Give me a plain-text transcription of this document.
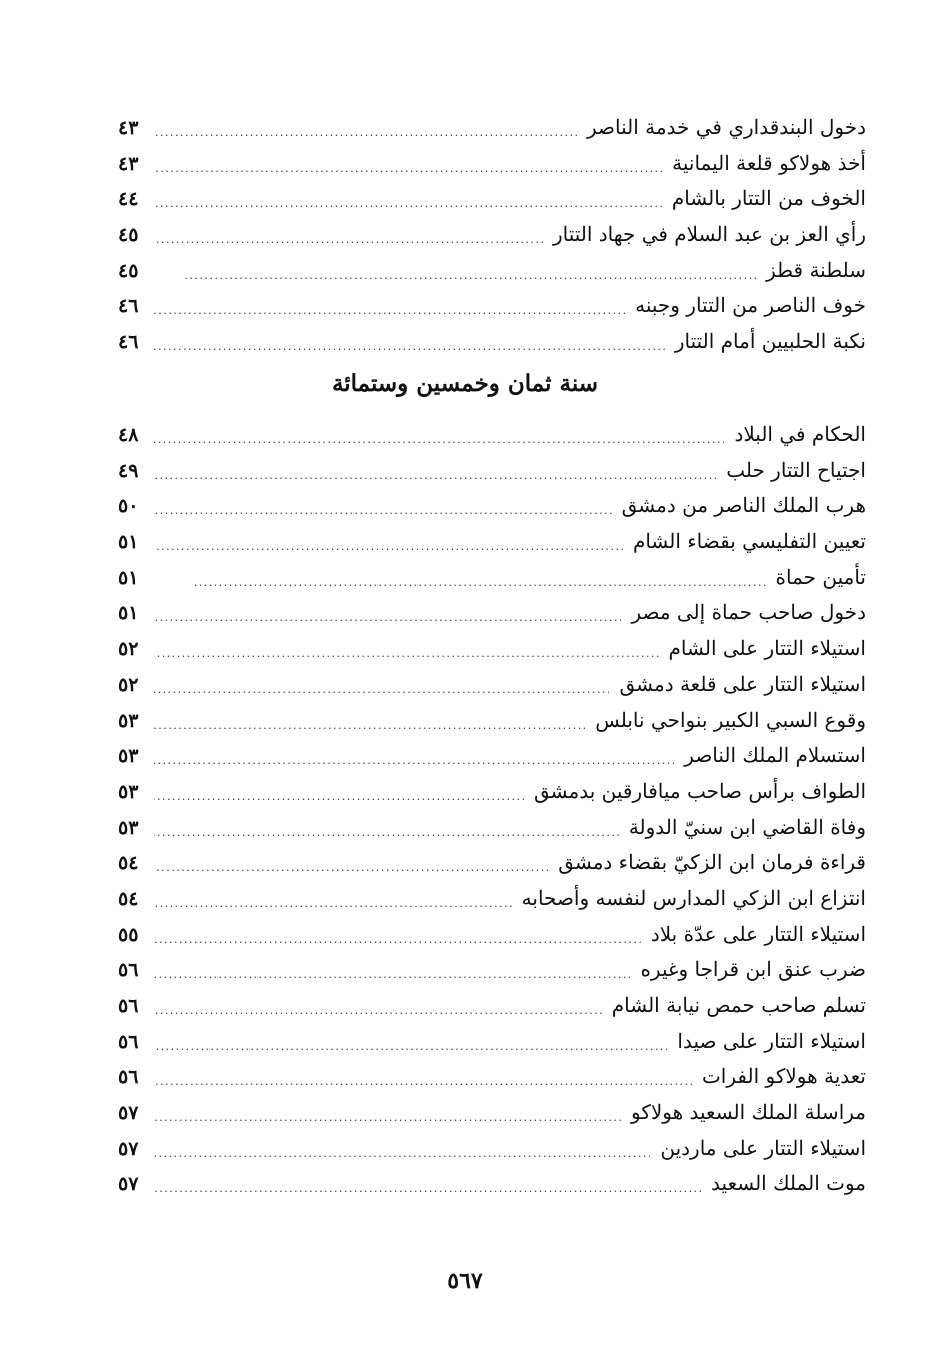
دخول البندقداري في خدمة الناصر
. . .
٤٣
أخذ هولاكو قلعة اليمانية
. . .
٤٣
الخوف من التتار بالشام
. . .
٤٤
رأي العز بن عبد السلام في جهاد التتار
. . .
٤٥
سلطنة قطز
. . .
٤٥
خوف الناصر من التتار وجبنه
. . .
٤٦
نكبة الحلبيين أمام التتار
. . .
٤٦
سنة ثمان وخمسين وستمائة
الحكام في البلاد
. . .
٤٨
اجتياح التتار حلب
. . .
٤٩
هرب الملك الناصر من دمشق
. . .
٥٠
تعيين التفليسي بقضاء الشام
. . .
٥١
تأمين حماة
. . .
٥١
دخول صاحب حماة إلى مصر
. . .
٥١
استيلاء التتار على الشام
. . .
٥٢
استيلاء التتار على قلعة دمشق
. . .
٥٢
وقوع السبي الكبير بنواحي نابلس
. . .
٥٣
استسلام الملك الناصر
. . .
٥٣
الطواف برأس صاحب ميافارقين بدمشق
. . .
٥٣
وفاة القاضي ابن سنيّ الدولة
. . .
٥٣
قراءة فرمان ابن الزكيّ بقضاء دمشق
. . .
٥٤
انتزاع ابن الزكي المدارس لنفسه وأصحابه
. . .
٥٤
استيلاء التتار على عدّة بلاد
. . .
٥٥
ضرب عنق ابن قراجا وغيره
. . .
٥٦
تسلم صاحب حمص نيابة الشام
. . .
٥٦
استيلاء التتار على صيدا
. . .
٥٦
تعدية هولاكو الفرات
. . .
٥٦
مراسلة الملك السعيد هولاكو
. . .
٥٧
استيلاء التتار على ماردين
. . .
٥٧
موت الملك السعيد
. . .
٥٧
٥٦٧
